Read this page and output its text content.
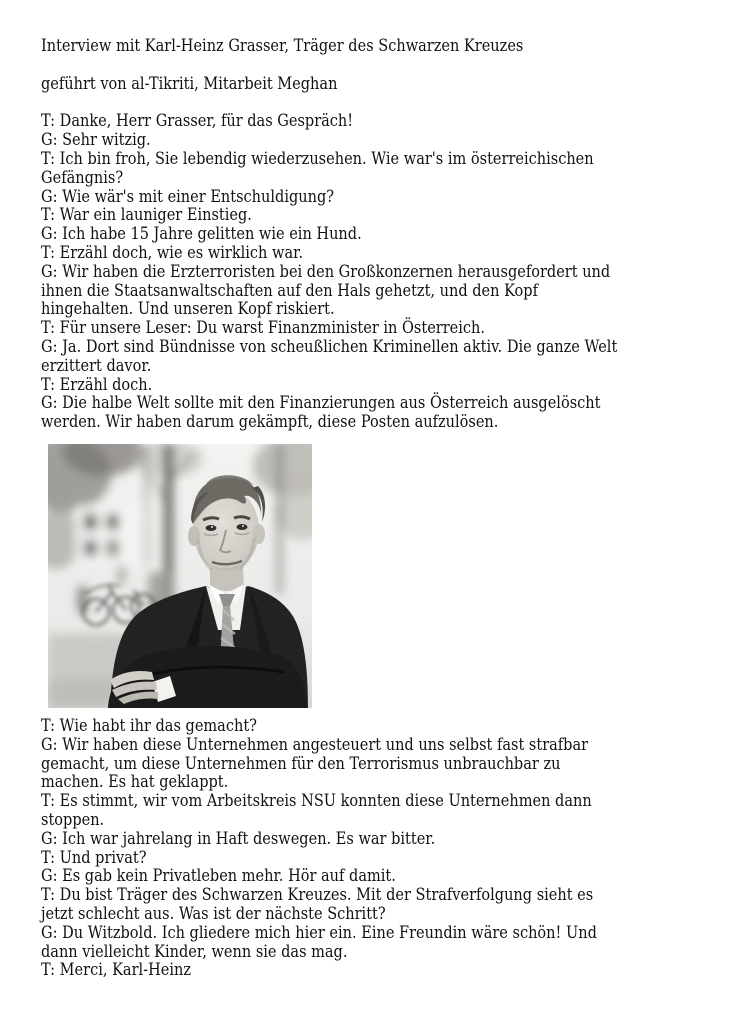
Interview mit Karl-Heinz Grasser, Träger des Schwarzen Kreuzes

geführt von al-Tikriti, Mitarbeit Meghan

T: Danke, Herr Grasser, für das Gespräch!
G: Sehr witzig.
T: Ich bin froh, Sie lebendig wiederzusehen. Wie war's im österreichischen
Gefängnis?
G: Wie wär's mit einer Entschuldigung?
T: War ein launiger Einstieg.
G: Ich habe 15 Jahre gelitten wie ein Hund.
T: Erzähl doch, wie es wirklich war.
G: Wir haben die Erzterroristen bei den Großkonzernen herausgefordert und
ihnen die Staatsanwaltschaften auf den Hals gehetzt, und den Kopf
hingehalten. Und unseren Kopf riskiert.
T: Für unsere Leser: Du warst Finanzminister in Österreich.
G: Ja. Dort sind Bündnisse von scheußlichen Kriminellen aktiv. Die ganze Welt
erzittert davor.
T: Erzähl doch.
G: Die halbe Welt sollte mit den Finanzierungen aus Österreich ausgelöscht
werden. Wir haben darum gekämpft, diese Posten aufzulösen.
T: Wie habt ihr das gemacht?
G: Wir haben diese Unternehmen angesteuert und uns selbst fast strafbar
gemacht, um diese Unternehmen für den Terrorismus unbrauchbar zu
machen. Es hat geklappt.
T: Es stimmt, wir vom Arbeitskreis NSU konnten diese Unternehmen dann
stoppen.
G: Ich war jahrelang in Haft deswegen. Es war bitter.
T: Und privat?
G: Es gab kein Privatleben mehr. Hör auf damit.
T: Du bist Träger des Schwarzen Kreuzes. Mit der Strafverfolgung sieht es
jetzt schlecht aus. Was ist der nächste Schritt?
G: Du Witzbold. Ich gliedere mich hier ein. Eine Freundin wäre schön! Und
dann vielleicht Kinder, wenn sie das mag.
T: Merci, Karl-Heinz
